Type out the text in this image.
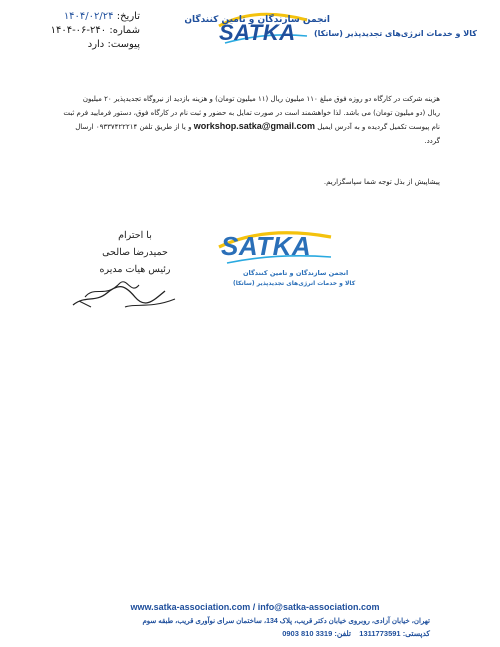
SATKA
انجمن سازندگان و تامین کنندگان
کالا و خدمات انرژی‌های تجدیدپذیر (ساتکا)
تاریخ: ۱۴۰۴/۰۲/۲۴
شماره: ۲۴۰-۰۶-۱۴۰۴
پیوست: دارد
هزینه شرکت در کارگاه دو روزه فوق مبلغ ۱۱۰ میلیون ریال (۱۱ میلیون تومان) و هزینه بازدید از نیروگاه تجدیدپذیر ۲۰ میلیون
ریال (دو میلیون تومان) می باشد. لذا خواهشمند است در صورت تمایل به حضور و ثبت نام در کارگاه فوق، دستور فرمایید فرم ثبت
نام پیوست تکمیل گردیده و به آدرس ایمیل workshop.satka@gmail.com و یا از طریق تلفن ۰۹۳۳۷۴۲۲۲۱۴ ارسال
گردد.
پیشاپیش از بذل توجه شما سپاسگزاریم.
با احترام
حمیدرضا صالحی
رئیس هیات مدیره
SATKA
انجمن سازندگان و تامین کنندگان
کالا و خدمات انرژی‌های تجدیدپذیر (ساتکا)
www.satka-association.com / info@satka-association.com
تهران، خیابان آزادی، روبروی خیابان دکتر قریب، پلاک 134، ساختمان سرای نوآوری قریب، طبقه سوم
کدپستی: 1311773591    تلفن: 0903 810 3319
